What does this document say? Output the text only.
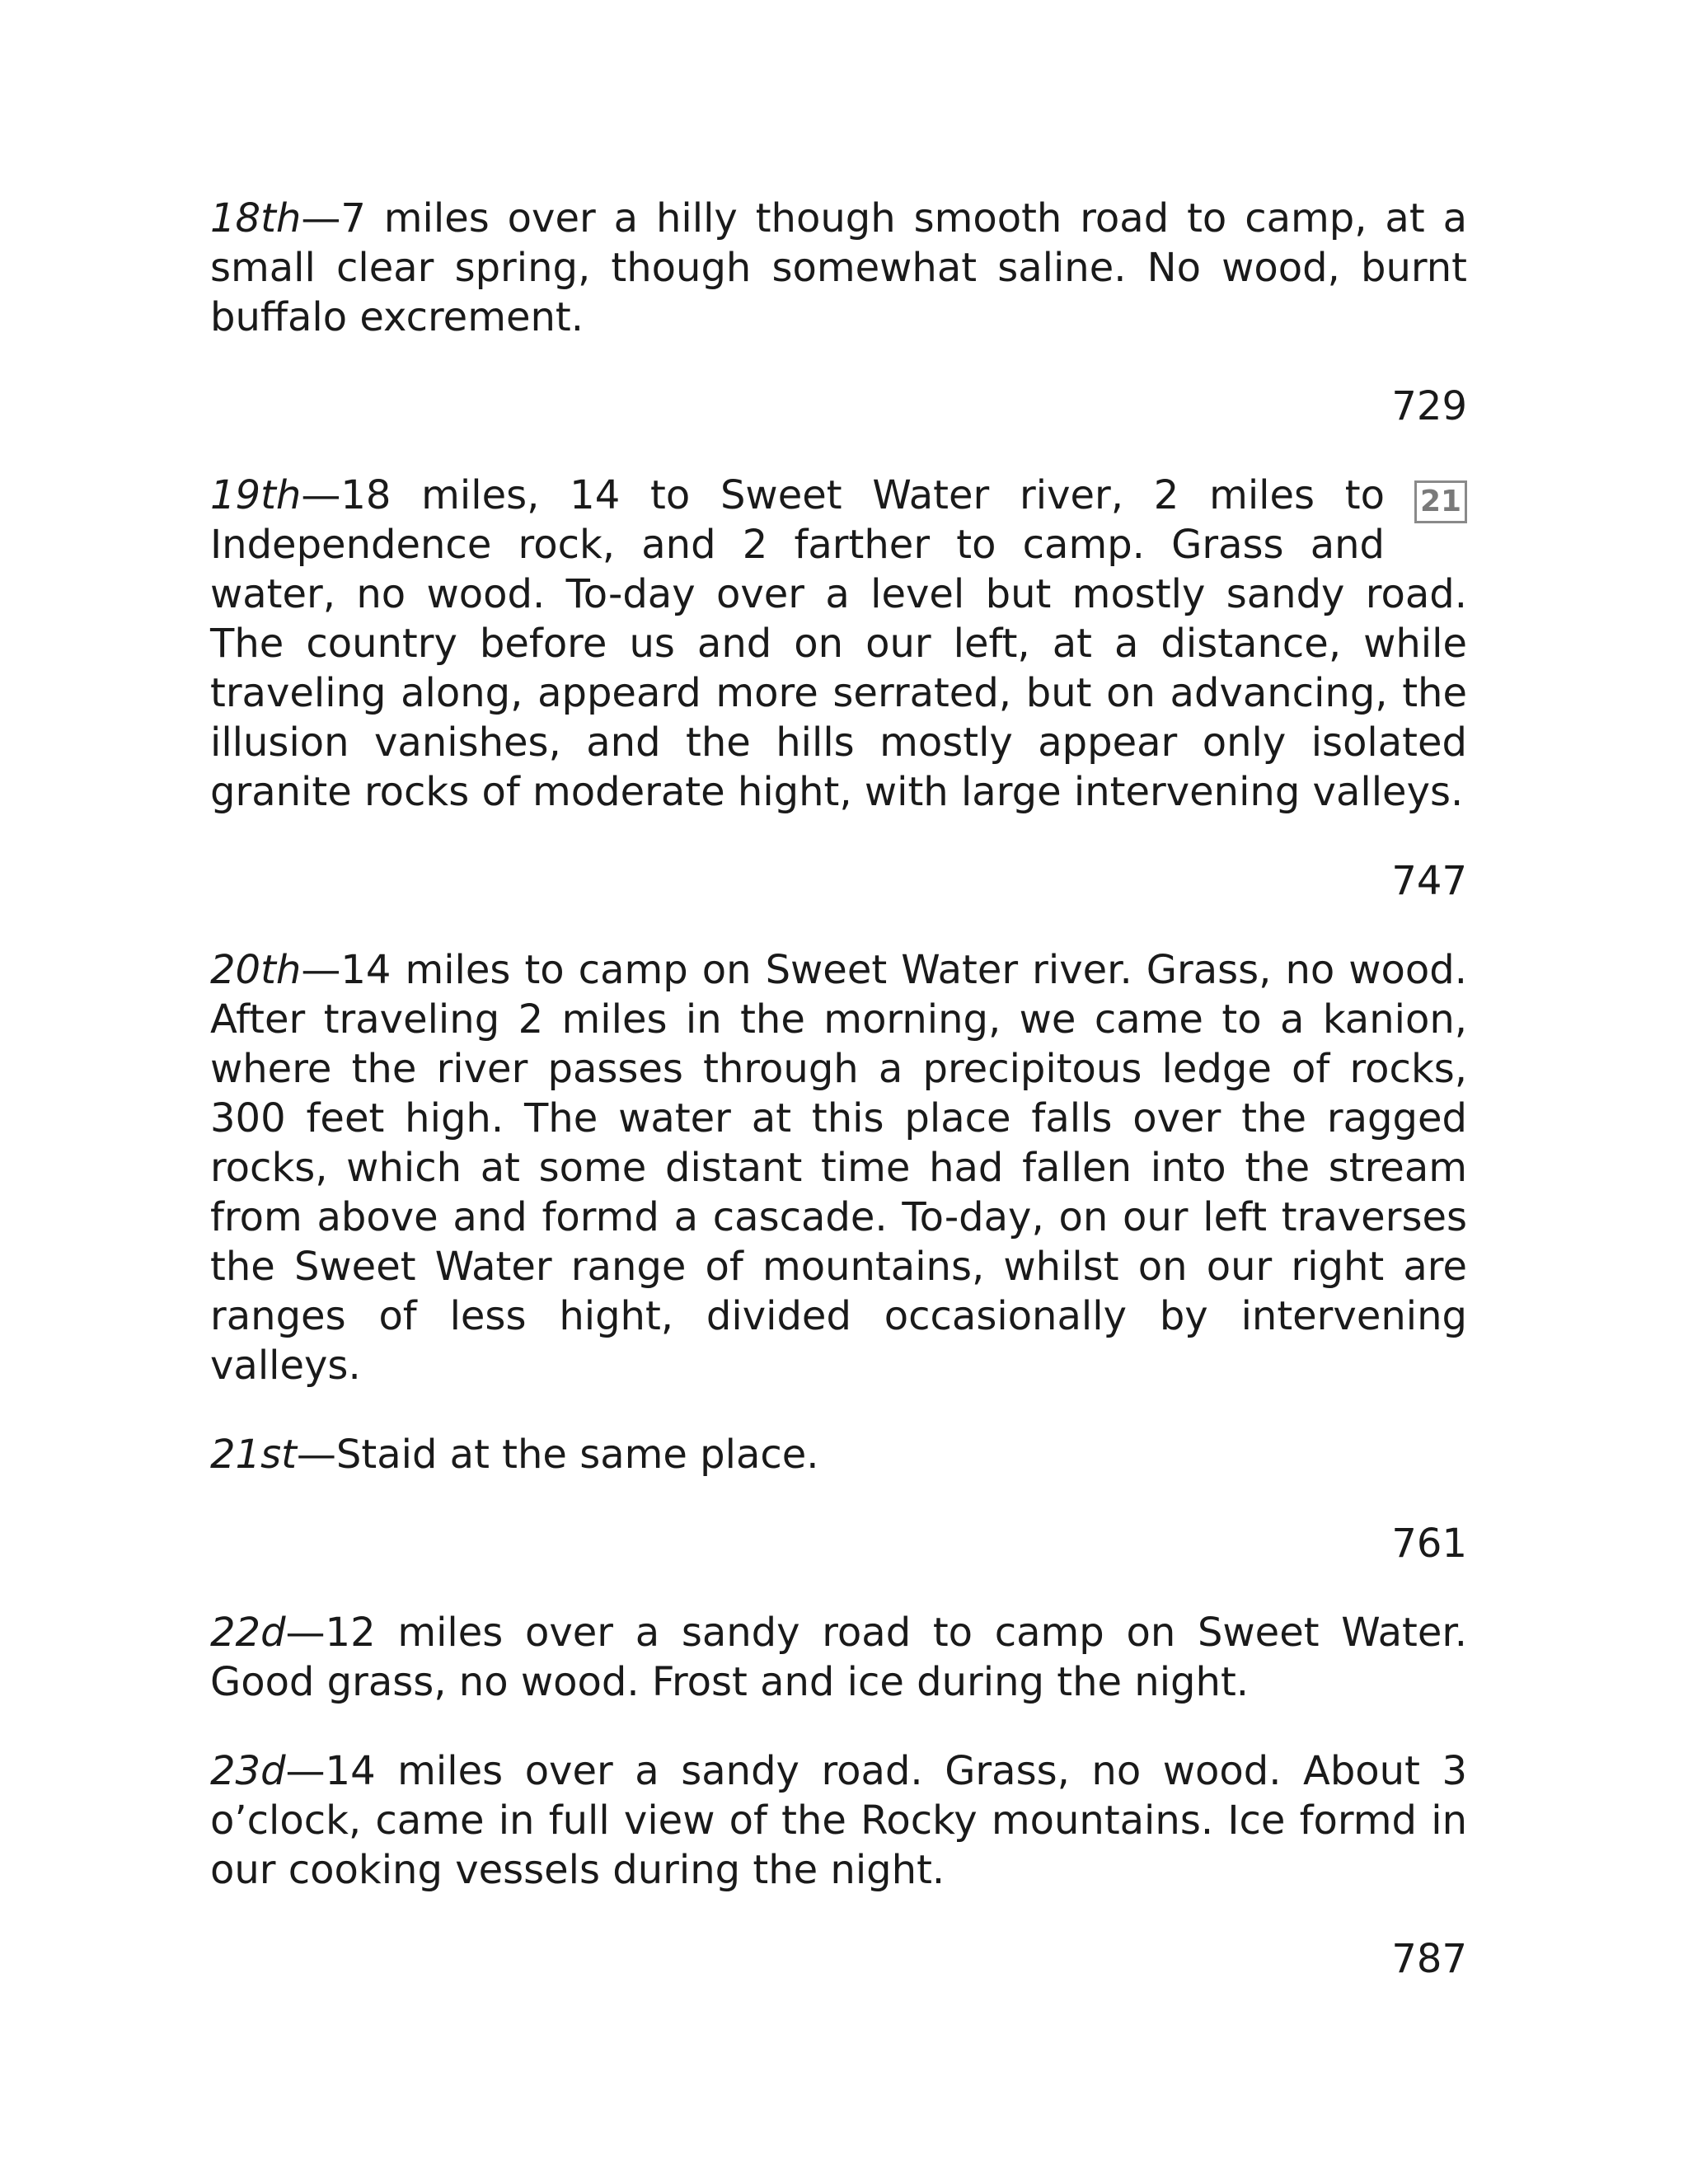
18th—7 miles over a hilly though smooth road to camp, at a small clear spring, though somewhat saline. No wood, burnt buffalo excrement.

729

21
19th—18 miles, 14 to Sweet Water river, 2 miles to Independence rock, and 2 farther to camp. Grass and water, no wood. To-day over a level but mostly sandy road. The country before us and on our left, at a distance, while traveling along, appeard more serrated, but on advancing, the illusion vanishes, and the hills mostly appear only isolated granite rocks of moderate hight, with large intervening valleys.

747

20th—14 miles to camp on Sweet Water river. Grass, no wood. After traveling 2 miles in the morning, we came to a kanion, where the river passes through a precipitous ledge of rocks, 300 feet high. The water at this place falls over the ragged rocks, which at some distant time had fallen into the stream from above and formd a cascade. To-day, on our left traverses the Sweet Water range of mountains, whilst on our right are ranges of less hight, divided occasionally by intervening valleys.

21st—Staid at the same place.

761

22d—12 miles over a sandy road to camp on Sweet Water. Good grass, no wood. Frost and ice during the night.

23d—14 miles over a sandy road. Grass, no wood. About 3 o’clock, came in full view of the Rocky mountains. Ice formd in our cooking vessels during the night.

787
